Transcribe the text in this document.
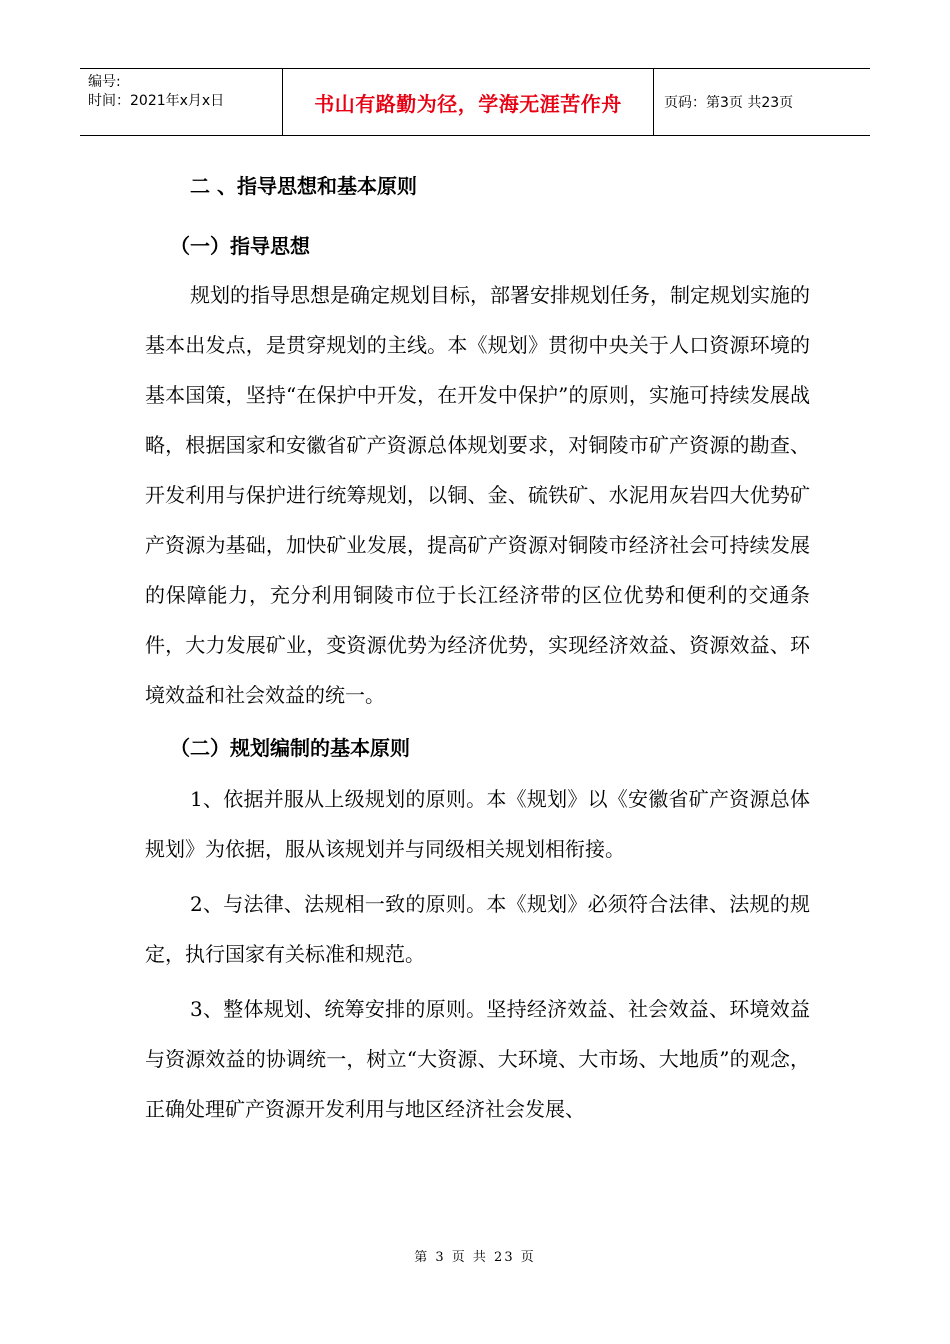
编号:
时间：2021年x月x日	书山有路勤为径，学海无涯苦作舟	页码：第3页 共23页
二 、指导思想和基本原则
（一）指导思想
规划的指导思想是确定规划目标，部署安排规划任务，制定规划实施的基本出发点，是贯穿规划的主线。本《规划》贯彻中央关于人口资源环境的基本国策，坚持“在保护中开发，在开发中保护”的原则，实施可持续发展战略，根据国家和安徽省矿产资源总体规划要求，对铜陵市矿产资源的勘查、开发利用与保护进行统筹规划，以铜、金、硫铁矿、水泥用灰岩四大优势矿产资源为基础，加快矿业发展，提高矿产资源对铜陵市经济社会可持续发展的保障能力，充分利用铜陵市位于长江经济带的区位优势和便利的交通条件，大力发展矿业，变资源优势为经济优势，实现经济效益、资源效益、环境效益和社会效益的统一。
（二）规划编制的基本原则
1、依据并服从上级规划的原则。本《规划》以《安徽省矿产资源总体规划》为依据，服从该规划并与同级相关规划相衔接。
2、与法律、法规相一致的原则。本《规划》必须符合法律、法规的规定，执行国家有关标准和规范。
3、整体规划、统筹安排的原则。坚持经济效益、社会效益、环境效益与资源效益的协调统一，树立“大资源、大环境、大市场、大地质”的观念，正确处理矿产资源开发利用与地区经济社会发展、
第 3 页 共 23 页
